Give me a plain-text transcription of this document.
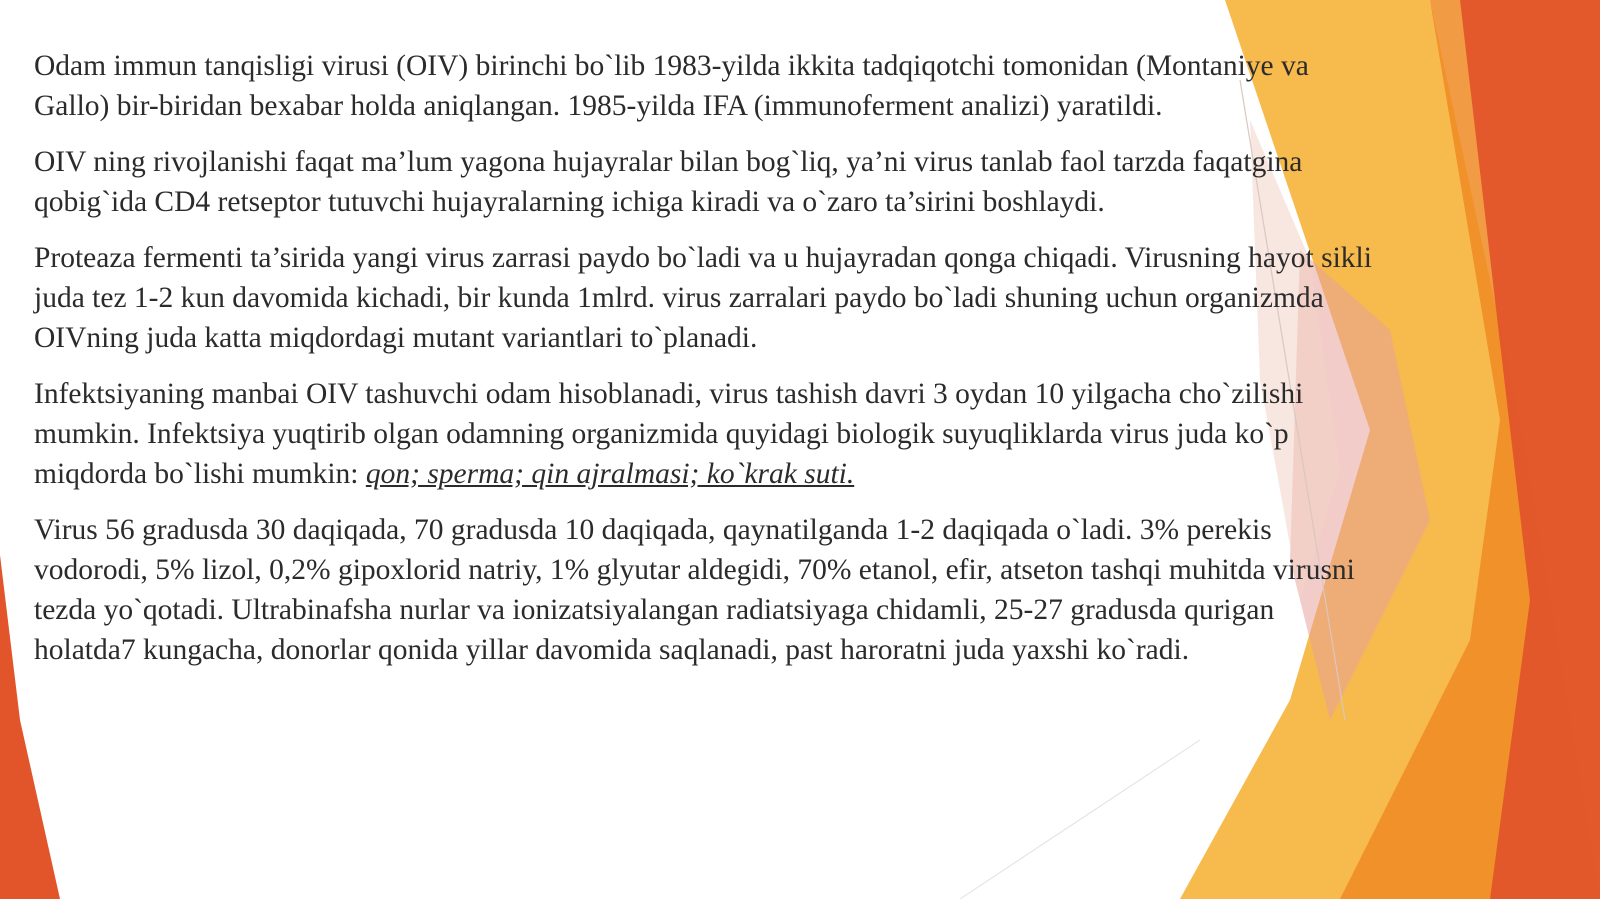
Odam immun tanqisligi virusi (OIV) birinchi bo`lib 1983-yilda ikkita tadqiqotchi tomonidan (Montaniye va Gallo) bir-biridan bexabar holda aniqlangan. 1985-yilda IFA (immunoferment analizi) yaratildi.

OIV ning rivojlanishi faqat ma’lum yagona hujayralar bilan bog`liq, ya’ni virus tanlab faol tarzda faqatgina qobig`ida CD4 retseptor tutuvchi hujayralarning ichiga kiradi va o`zaro ta’sirini boshlaydi.

Proteaza fermenti ta’sirida yangi virus zarrasi paydo bo`ladi va u hujayradan qonga chiqadi. Virusning hayot sikli juda tez 1-2 kun davomida kichadi, bir kunda 1mlrd. virus zarralari paydo bo`ladi shuning uchun organizmda OIVning juda katta miqdordagi mutant variantlari to`planadi.

Infektsiyaning manbai OIV tashuvchi odam hisoblanadi, virus tashish davri 3 oydan 10 yilgacha cho`zilishi mumkin. Infektsiya yuqtirib olgan odamning organizmida quyidagi biologik suyuqliklarda virus juda ko`p miqdorda bo`lishi mumkin: qon; sperma; qin ajralmasi; ko`krak suti.

Virus 56 gradusda 30 daqiqada, 70 gradusda 10 daqiqada, qaynatilganda 1-2 daqiqada o`ladi. 3% perekis vodorodi, 5% lizol, 0,2% gipoxlorid natriy, 1% glyutar aldegidi, 70% etanol, efir, atseton tashqi muhitda virusni tezda yo`qotadi. Ultrabinafsha nurlar va ionizatsiyalangan radiatsiyaga chidamli, 25-27 gradusda qurigan holatda7 kungacha, donorlar qonida yillar davomida saqlanadi, past haroratni juda yaxshi ko`radi.
